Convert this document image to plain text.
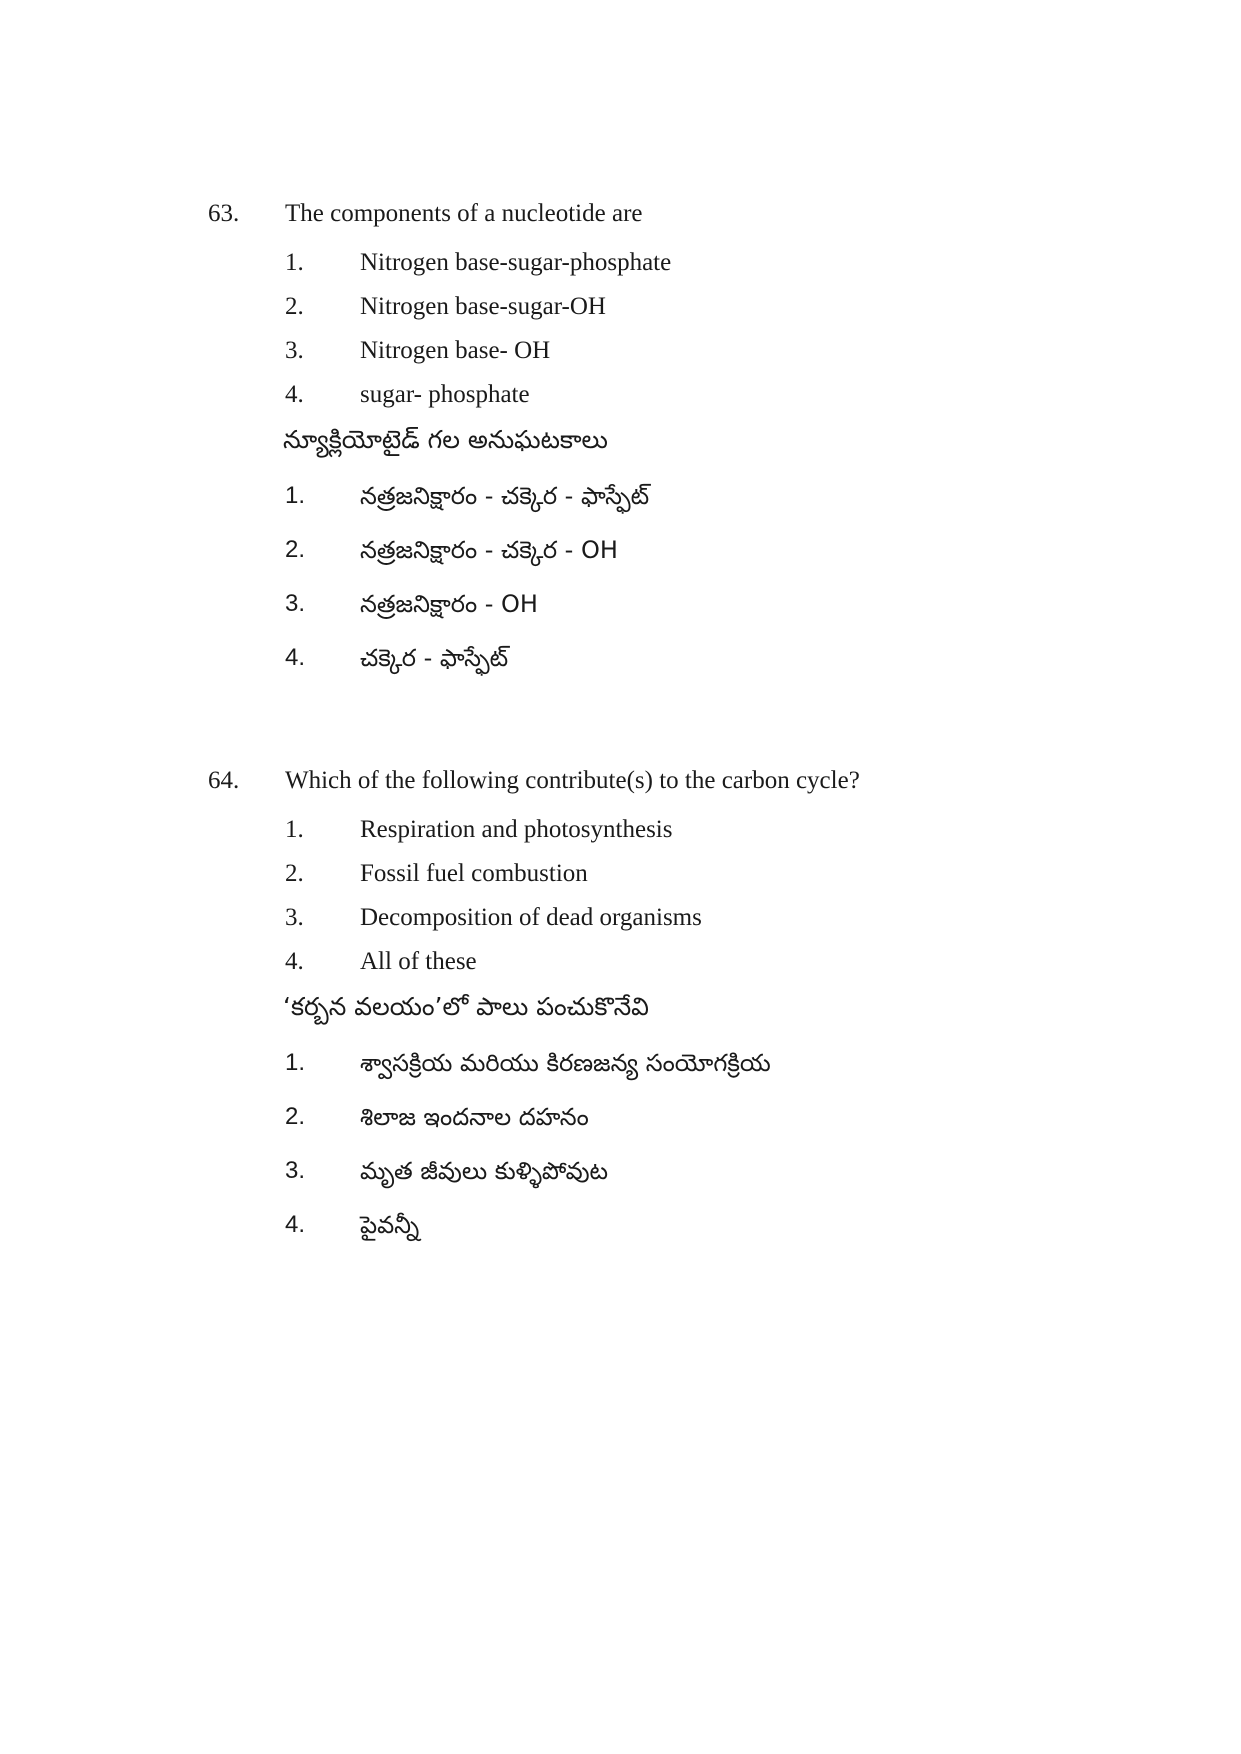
63. The components of a nucleotide are
1. Nitrogen base-sugar-phosphate
2. Nitrogen base-sugar-OH
3. Nitrogen base- OH
4. sugar- phosphate
న్యూక్లియోటైడ్ గల అనుఘటకాలు
1. నత్రజనిక్షారం - చక్కెర - ఫాస్ఫేట్
2. నత్రజనిక్షారం - చక్కెర - OH
3. నత్రజనిక్షారం - OH
4. చక్కెర - ఫాస్ఫేట్
64. Which of the following contribute(s) to the carbon cycle?
1. Respiration and photosynthesis
2. Fossil fuel combustion
3. Decomposition of dead organisms
4. All of these
‘కర్బన వలయం’లో పాలు పంచుకొనేవి
1. శ్వాసక్రియ మరియు కిరణజన్య సంయోగక్రియ
2. శిలాజ ఇందనాల దహనం
3. మృత జీవులు కుళ్ళిపోవుట
4. పైవన్నీ
